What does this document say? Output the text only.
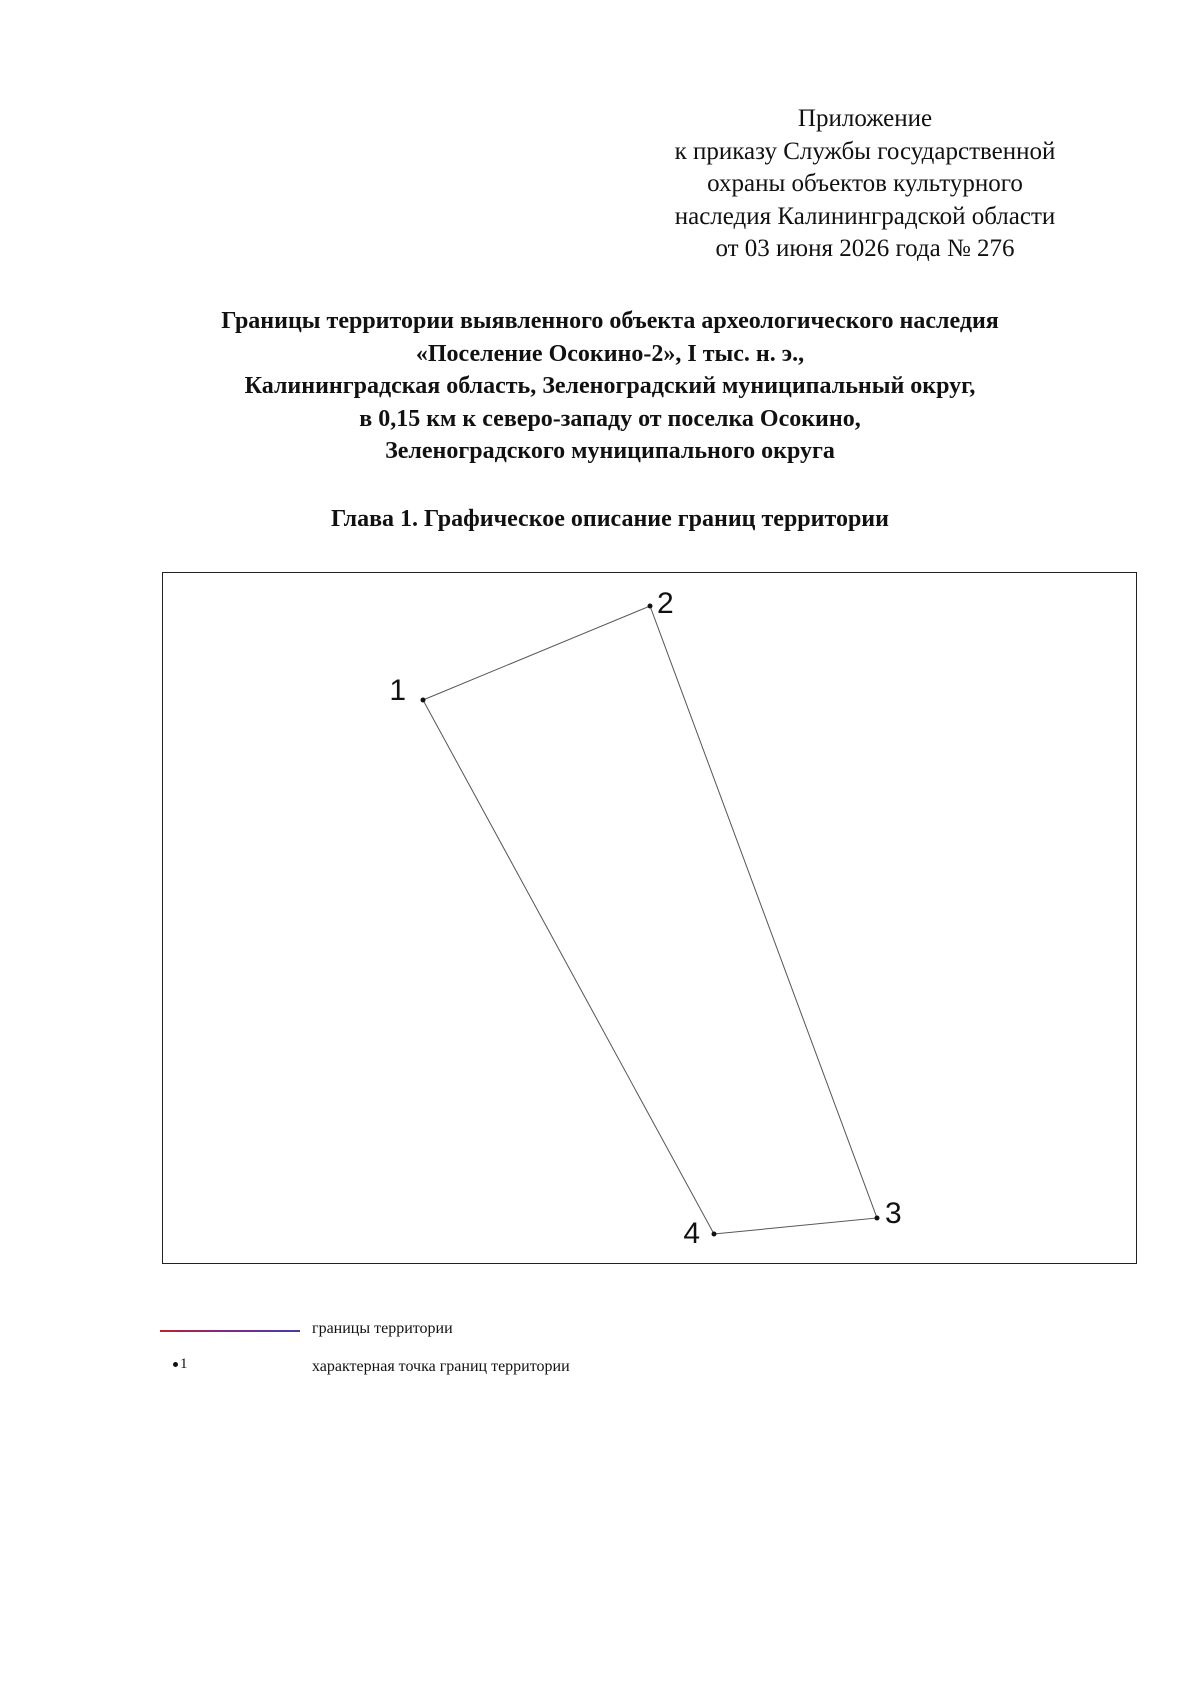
Приложение
к приказу Службы государственной
охраны объектов культурного
наследия Калининградской области
от 03 июня 2026 года № 276
Границы территории выявленного объекта археологического наследия
«Поселение Осокино-2», I тыс. н. э.,
Калининградская область, Зеленоградский муниципальный округ,
в 0,15 км к северо-западу от поселка Осокино,
Зеленоградского муниципального округа
Глава 1. Графическое описание границ территории
1
2
3
4
границы территории
1	характерная точка границ территории
